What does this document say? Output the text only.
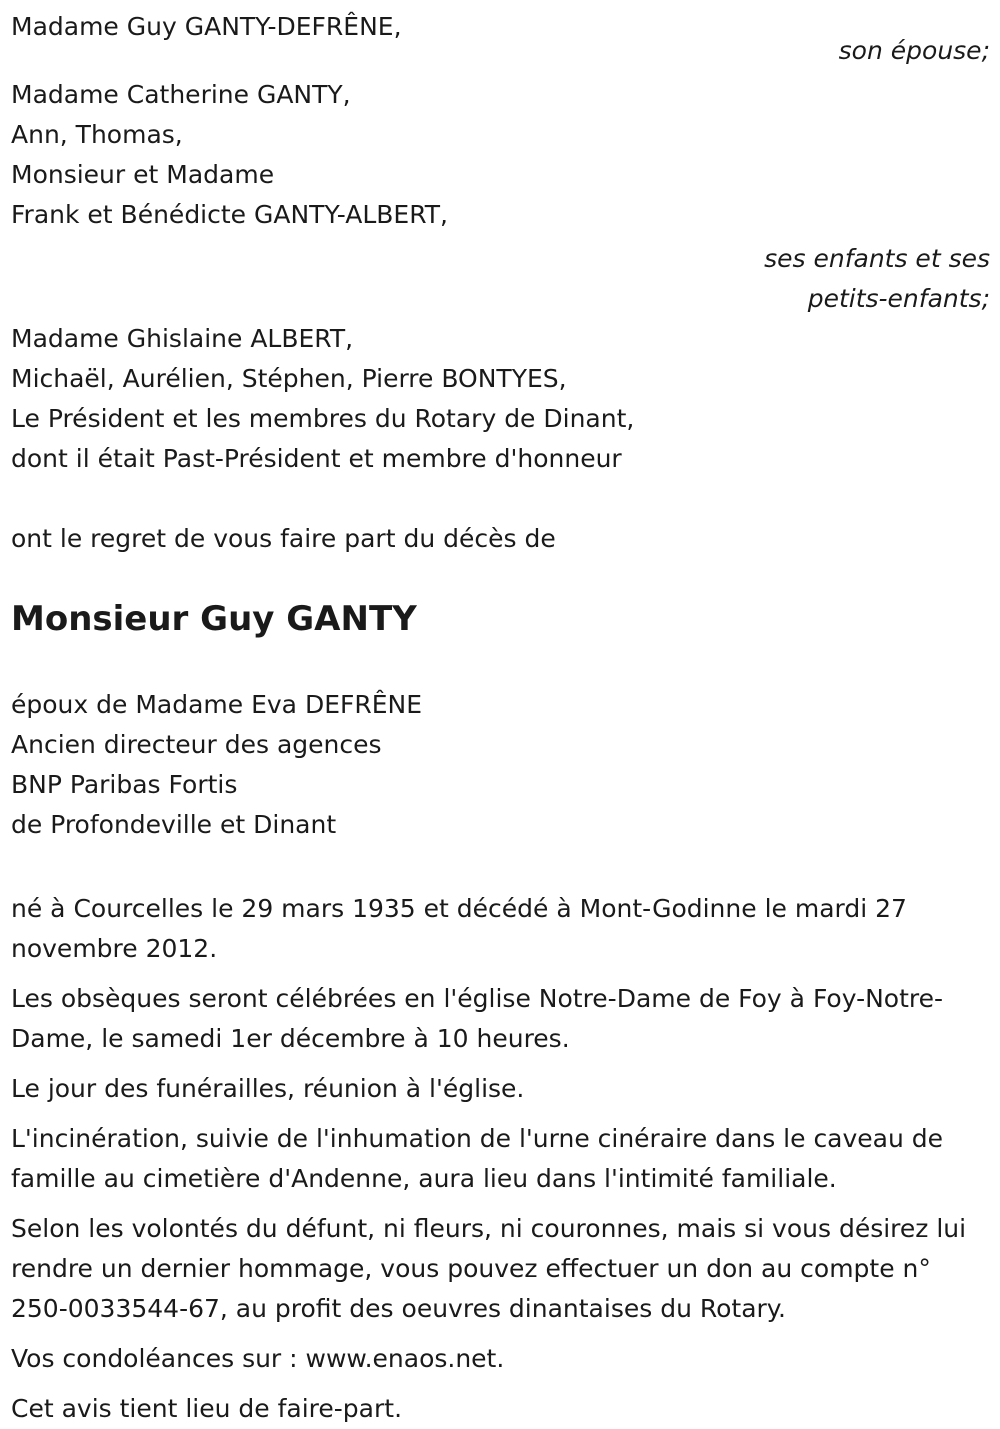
Madame Guy GANTY-DEFRÊNE,
son épouse;
Madame Catherine GANTY,
Ann, Thomas,
Monsieur et Madame
Frank et Bénédicte GANTY-ALBERT,
ses enfants et ses
petits-enfants;
Madame Ghislaine ALBERT,
Michaël, Aurélien, Stéphen, Pierre BONTYES,
Le Président et les membres du Rotary de Dinant,
dont il était Past-Président et membre d'honneur
ont le regret de vous faire part du décès de
Monsieur Guy GANTY
époux de Madame Eva DEFRÊNE
Ancien directeur des agences
BNP Paribas Fortis
de Profondeville et Dinant

né à Courcelles le 29 mars 1935 et décédé à Mont-Godinne le mardi 27 novembre 2012.

Les obsèques seront célébrées en l'église Notre-Dame de Foy à Foy-Notre-Dame, le samedi 1er décembre à 10 heures.

Le jour des funérailles, réunion à l'église.

L'incinération, suivie de l'inhumation de l'urne cinéraire dans le caveau de famille au cimetière d'Andenne, aura lieu dans l'intimité familiale.

Selon les volontés du défunt, ni fleurs, ni couronnes, mais si vous désirez lui rendre un dernier hommage, vous pouvez effectuer un don au compte n° 250-0033544-67, au profit des oeuvres dinantaises du Rotary.

Vos condoléances sur : www.enaos.net.

Cet avis tient lieu de faire-part.
